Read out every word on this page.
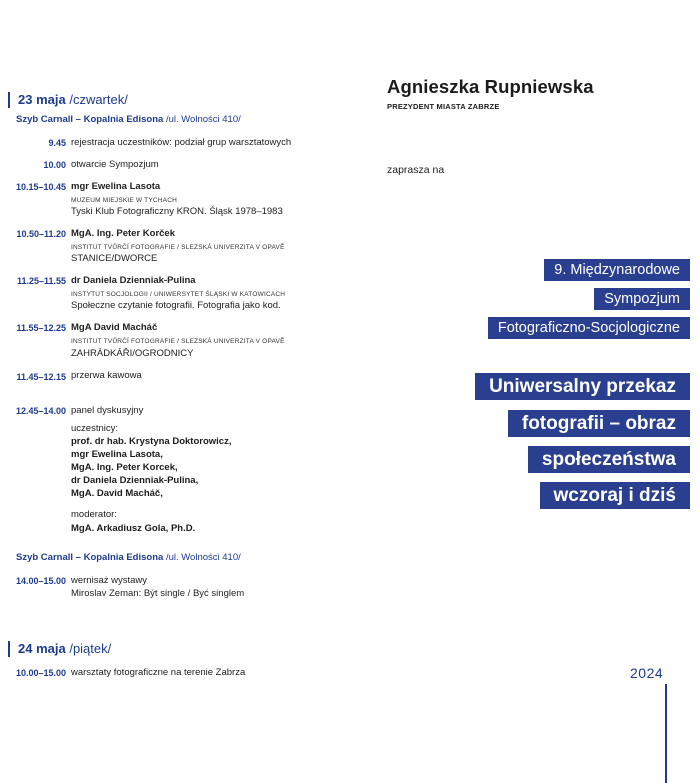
23 maja /czwartek/
Szyb Carnall – Kopalnia Edisona /ul. Wolności 410/
9.45 rejestracja uczestników: podział grup warsztatowych
10.00 otwarcie Sympozjum
10.15–10.45 mgr Ewelina Lasota
MUZEUM MIEJSKIE W TYCHACH
Tyski Klub Fotograficzny KRON. Śląsk 1978–1983
10.50–11.20 MgA. Ing. Peter Korček
INSTITUT TVŮRČÍ FOTOGRAFIE / SLEZSKÁ UNIVERZITA V OPAVĚ
STANICE/DWORCE
11.25–11.55 dr Daniela Dzienniak-Pulina
INSTYTUT SOCJOLOGII / UNIWERSYTET ŚLĄSKI W KATOWICACH
Społeczne czytanie fotografii. Fotografia jako kod.
11.55–12.25 MgA David Macháč
INSTITUT TVŮRČÍ FOTOGRAFIE / SLEZSKÁ UNIVERZITA V OPAVĚ
ZAHRÁDKÁŘI/OGRODNICY
11.45–12.15 przerwa kawowa
12.45–14.00 panel dyskusyjny
uczestnicy:
prof. dr hab. Krystyna Doktorowicz,
mgr Ewelina Lasota,
MgA. Ing. Peter Korcek,
dr Daniela Dzienniak-Pulina,
MgA. David Macháč,
moderator:
MgA. Arkadiusz Gola, Ph.D.
Szyb Carnall – Kopalnia Edisona /ul. Wolności 410/
14.00–15.00 wernisaż wystawy
Miroslav Zeman: Být single / Być singlem
24 maja /piątek/
10.00–15.00 warsztaty fotograficzne na terenie Zabrza
Agnieszka Rupniewska
PREZYDENT MIASTA ZABRZE
zaprasza na
9. Międzynarodowe
Sympozjum
Fotograficzno-Socjologiczne
Uniwersalny przekaz
fotografii – obraz
społeczeństwa
wczoraj i dziś
2024
